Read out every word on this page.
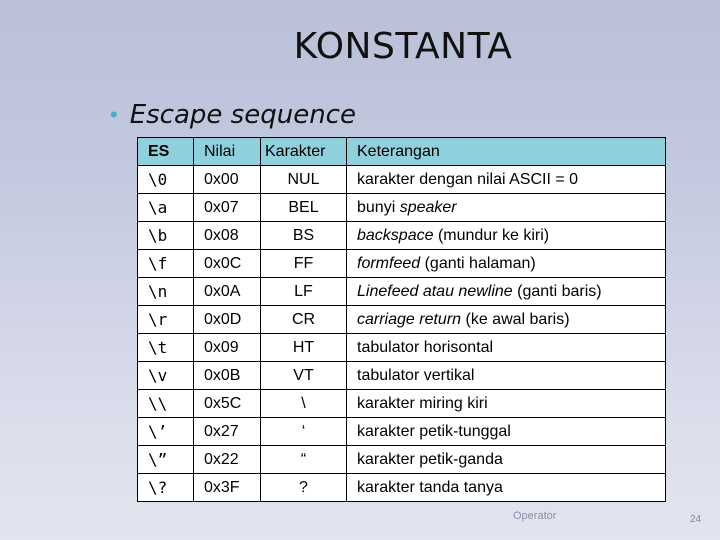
KONSTANTA
• Escape sequence
ES	Nilai	Karakter	Keterangan
\0	0x00	NUL	karakter dengan nilai ASCII = 0
\a	0x07	BEL	bunyi speaker
\b	0x08	BS	backspace (mundur ke kiri)
\f	0x0C	FF	formfeed (ganti halaman)
\n	0x0A	LF	Linefeed atau newline (ganti baris)
\r	0x0D	CR	carriage return (ke awal baris)
\t	0x09	HT	tabulator horisontal
\v	0x0B	VT	tabulator vertikal
\\	0x5C	\	karakter miring kiri
\’	0x27	‘	karakter petik-tunggal
\”	0x22	“	karakter petik-ganda
\?	0x3F	?	karakter tanda tanya
Operator	24
